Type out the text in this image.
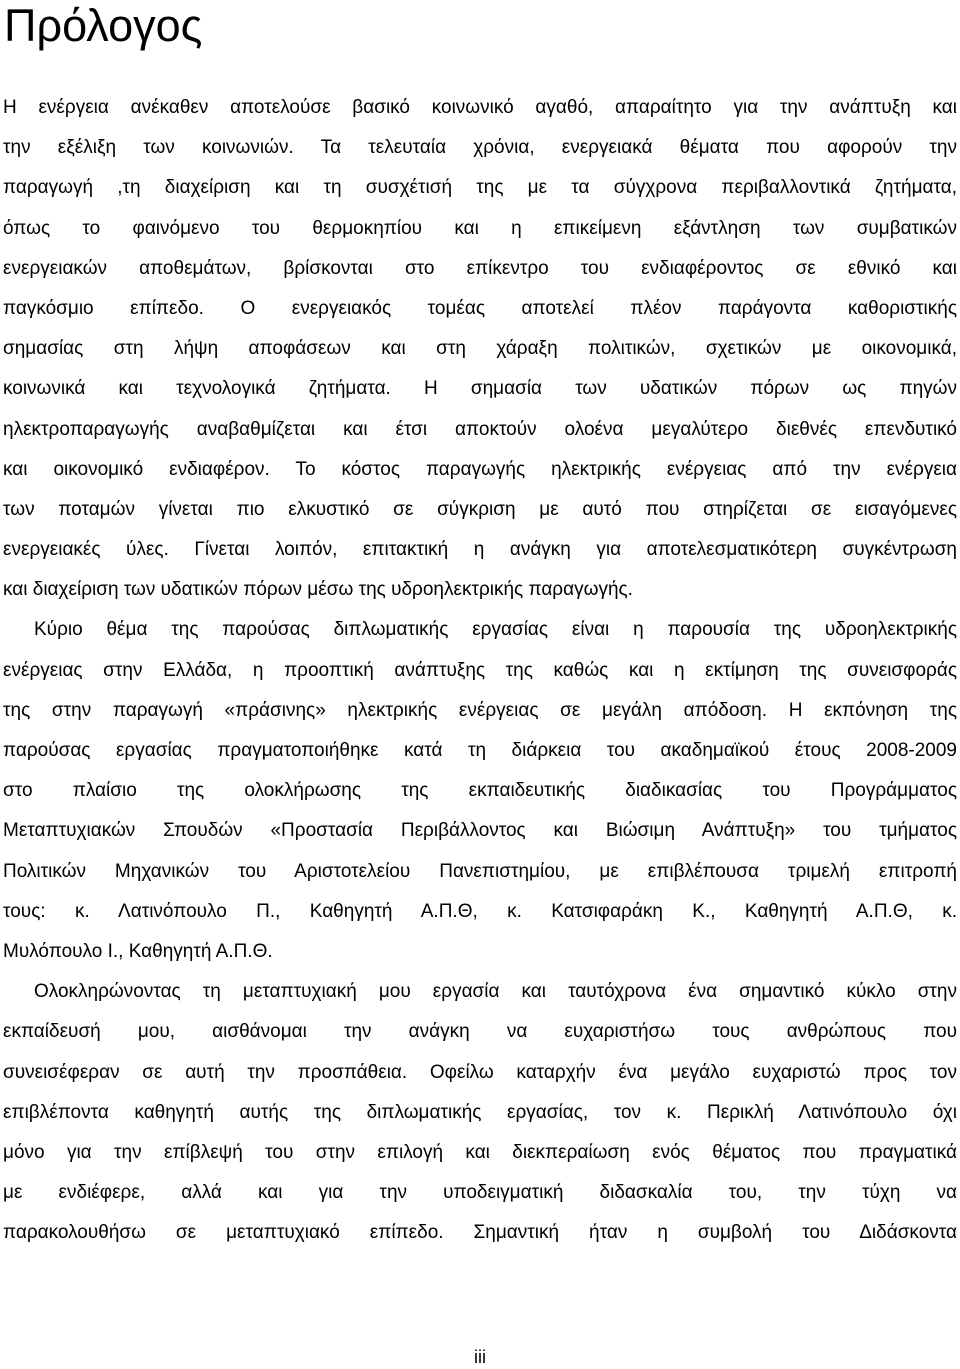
Πρόλογος
Η ενέργεια ανέκαθεν αποτελούσε βασικό κοινωνικό αγαθό, απαραίτητο για την ανάπτυξη και
την εξέλιξη των κοινωνιών. Τα τελευταία χρόνια, ενεργειακά θέματα που αφορούν την
παραγωγή ,τη διαχείριση και τη συσχέτισή της με τα σύγχρονα περιβαλλοντικά ζητήματα,
όπως το φαινόμενο του θερμοκηπίου και η επικείμενη εξάντληση των συμβατικών
ενεργειακών αποθεμάτων, βρίσκονται στο επίκεντρο του ενδιαφέροντος σε εθνικό και
παγκόσμιο επίπεδο. Ο ενεργειακός τομέας αποτελεί πλέον παράγοντα καθοριστικής
σημασίας στη λήψη αποφάσεων και στη χάραξη πολιτικών, σχετικών με οικονομικά,
κοινωνικά και τεχνολογικά ζητήματα. Η σημασία των υδατικών πόρων ως πηγών
ηλεκτροπαραγωγής αναβαθμίζεται και έτσι αποκτούν ολοένα μεγαλύτερο διεθνές επενδυτικό
και οικονομικό ενδιαφέρον. Το κόστος παραγωγής ηλεκτρικής ενέργειας από την ενέργεια
των ποταμών γίνεται πιο ελκυστικό σε σύγκριση με αυτό που στηρίζεται σε εισαγόμενες
ενεργειακές ύλες. Γίνεται λοιπόν, επιτακτική η ανάγκη για αποτελεσματικότερη συγκέντρωση
και διαχείριση των υδατικών πόρων μέσω της υδροηλεκτρικής παραγωγής.
Κύριο θέμα της παρούσας διπλωματικής εργασίας είναι η παρουσία της υδροηλεκτρικής
ενέργειας στην Ελλάδα, η προοπτική ανάπτυξης της καθώς και η εκτίμηση της συνεισφοράς
της στην παραγωγή «πράσινης» ηλεκτρικής ενέργειας σε μεγάλη απόδοση. Η εκπόνηση της
παρούσας εργασίας πραγματοποιήθηκε κατά τη διάρκεια του ακαδημαϊκού έτους 2008-2009
στο πλαίσιο της ολοκλήρωσης της εκπαιδευτικής διαδικασίας του Προγράμματος
Μεταπτυχιακών Σπουδών «Προστασία Περιβάλλοντος και Βιώσιμη Ανάπτυξη» του τμήματος
Πολιτικών Μηχανικών του Αριστοτελείου Πανεπιστημίου, με επιβλέπουσα τριμελή επιτροπή
τους: κ. Λατινόπουλο Π., Καθηγητή Α.Π.Θ, κ. Κατσιφαράκη Κ., Καθηγητή Α.Π.Θ, κ.
Μυλόπουλο Ι., Καθηγητή Α.Π.Θ.
Ολοκληρώνοντας τη μεταπτυχιακή μου εργασία και ταυτόχρονα ένα σημαντικό κύκλο στην
εκπαίδευσή μου, αισθάνομαι την ανάγκη να ευχαριστήσω τους ανθρώπους που
συνεισέφεραν σε αυτή την προσπάθεια. Οφείλω καταρχήν ένα μεγάλο ευχαριστώ προς τον
επιβλέποντα καθηγητή αυτής της διπλωματικής εργασίας, τον κ. Περικλή Λατινόπουλο όχι
μόνο για την επίβλεψή του στην επιλογή και διεκπεραίωση ενός θέματος που πραγματικά
με ενδιέφερε, αλλά και για την υποδειγματική διδασκαλία του, την τύχη να
παρακολουθήσω σε μεταπτυχιακό επίπεδο. Σημαντική ήταν η συμβολή του Διδάσκοντα
iii
